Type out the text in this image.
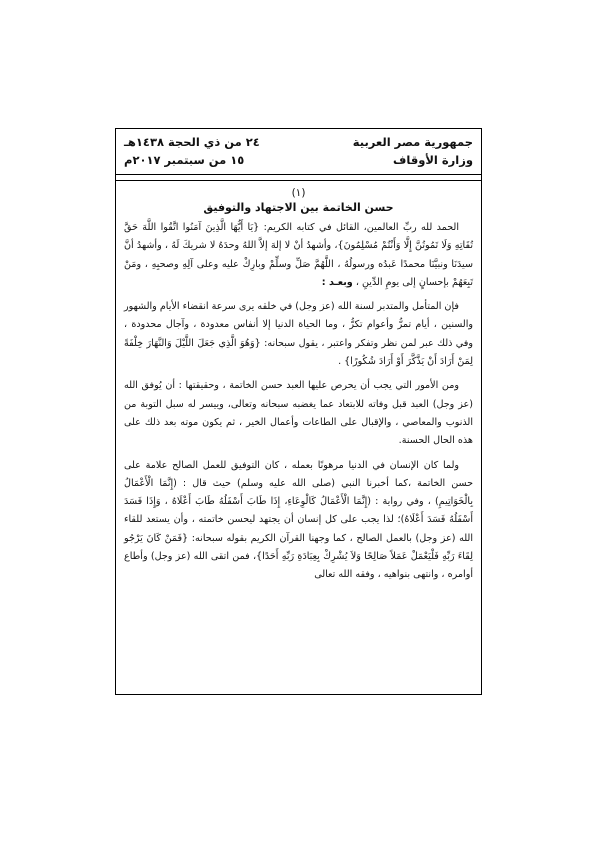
جمهورية مصر العربية
وزارة الأوقاف
٢٤ من ذي الحجة ١٤٣٨هـ
١٥ من سبتمبر ٢٠١٧م
(١)
حسن الخاتمة بين الاجتهاد والتوفيق

الحمد لله ربِّ العالمين، القائل في كتابه الكريم: {يَا أَيُّهَا الَّذِينَ آمَنُوا اتَّقُوا اللَّهَ حَقَّ تُقَاتِهِ وَلَا تَمُوتُنَّ إِلَّا وَأَنْتُمْ مُسْلِمُونَ}، وأشهدُ أنْ لا إلهَ إلاَّ اللهُ وحدَهُ لا شريكَ لَهُ ، وأشهدُ أنَّ سيدَنَا ونبيَّنَا محمدًا عَبدُه ورسولُهُ ، اللَّهُمَّ صَلِّ وسلِّمْ وبارِكْ عليه وعلى آلِهِ وصحبِهِ ، ومَنْ تَبِعَهُمْ بإحسانٍ إلى يومِ الدِّينِ ، وبعـد :

فإن المتأمل والمتدبر لسنة الله (عز وجل) في خلقه يرى سرعة انقضاء الأيام والشهور والسنين ، أيام تمرُّ وأعوام تكرُّ ، وما الحياة الدنيا إلا أنفاس معدودة ، وآجال محدودة ، وفي ذلك عبر لمن نظر وتفكر واعتبر ، يقول سبحانه: {وَهُوَ الَّذِي جَعَلَ اللَّيْلَ وَالنَّهَارَ خِلْفَةً لِمَنْ أَرَادَ أَنْ يَذَّكَّرَ أَوْ أَرَادَ شُكُورًا} .

ومن الأمور التي يجب أن يحرص عليها العبد حسن الخاتمة ، وحقيقتها : أن يُوفق الله (عز وجل) العبد قبل وفاته للابتعاد عما يغضبه سبحانه وتعالى، وييسر له سبل التوبة من الذنوب والمعاصي ، والإقبال على الطاعات وأعمال الخير ، ثم يكون موته بعد ذلك على هذه الحال الحسنة.

ولما كان الإنسان في الدنيا مرهونًا بعمله ، كان التوفيق للعمل الصالح علامة على حسن الخاتمة ،كما أخبرنا النبي (صلى الله عليه وسلم) حيث قال : (إِنَّمَا الْأَعْمَالُ بِالْخَوَاتِيمِ) ، وفي رواية : (إِنَّمَا الْأَعْمَالُ كَالْوِعَاءِ، إِذَا طَابَ أَسْفَلُهُ طَابَ أَعْلَاهُ ، وَإِذَا فَسَدَ أَسْفَلُهُ فَسَدَ أَعْلَاهُ)؛ لذا يجب على كل إنسان أن يجتهد ليحسن خاتمته ، وأن يستعد للقاء الله (عز وجل) بالعمل الصالح ، كما وجهنا القرآن الكريم بقوله سبحانه: {فَمَنْ كَانَ يَرْجُو لِقَاءَ رَبِّهِ فَلْيَعْمَلْ عَمَلاً صَالِحًا وَلاَ يُشْرِكْ بِعِبَادَةِ رَبِّهِ أَحَدًا}، فمن اتقى الله (عز وجل) وأطاع أوامره ، وانتهى بنواهيه ، وفقه الله تعالى
